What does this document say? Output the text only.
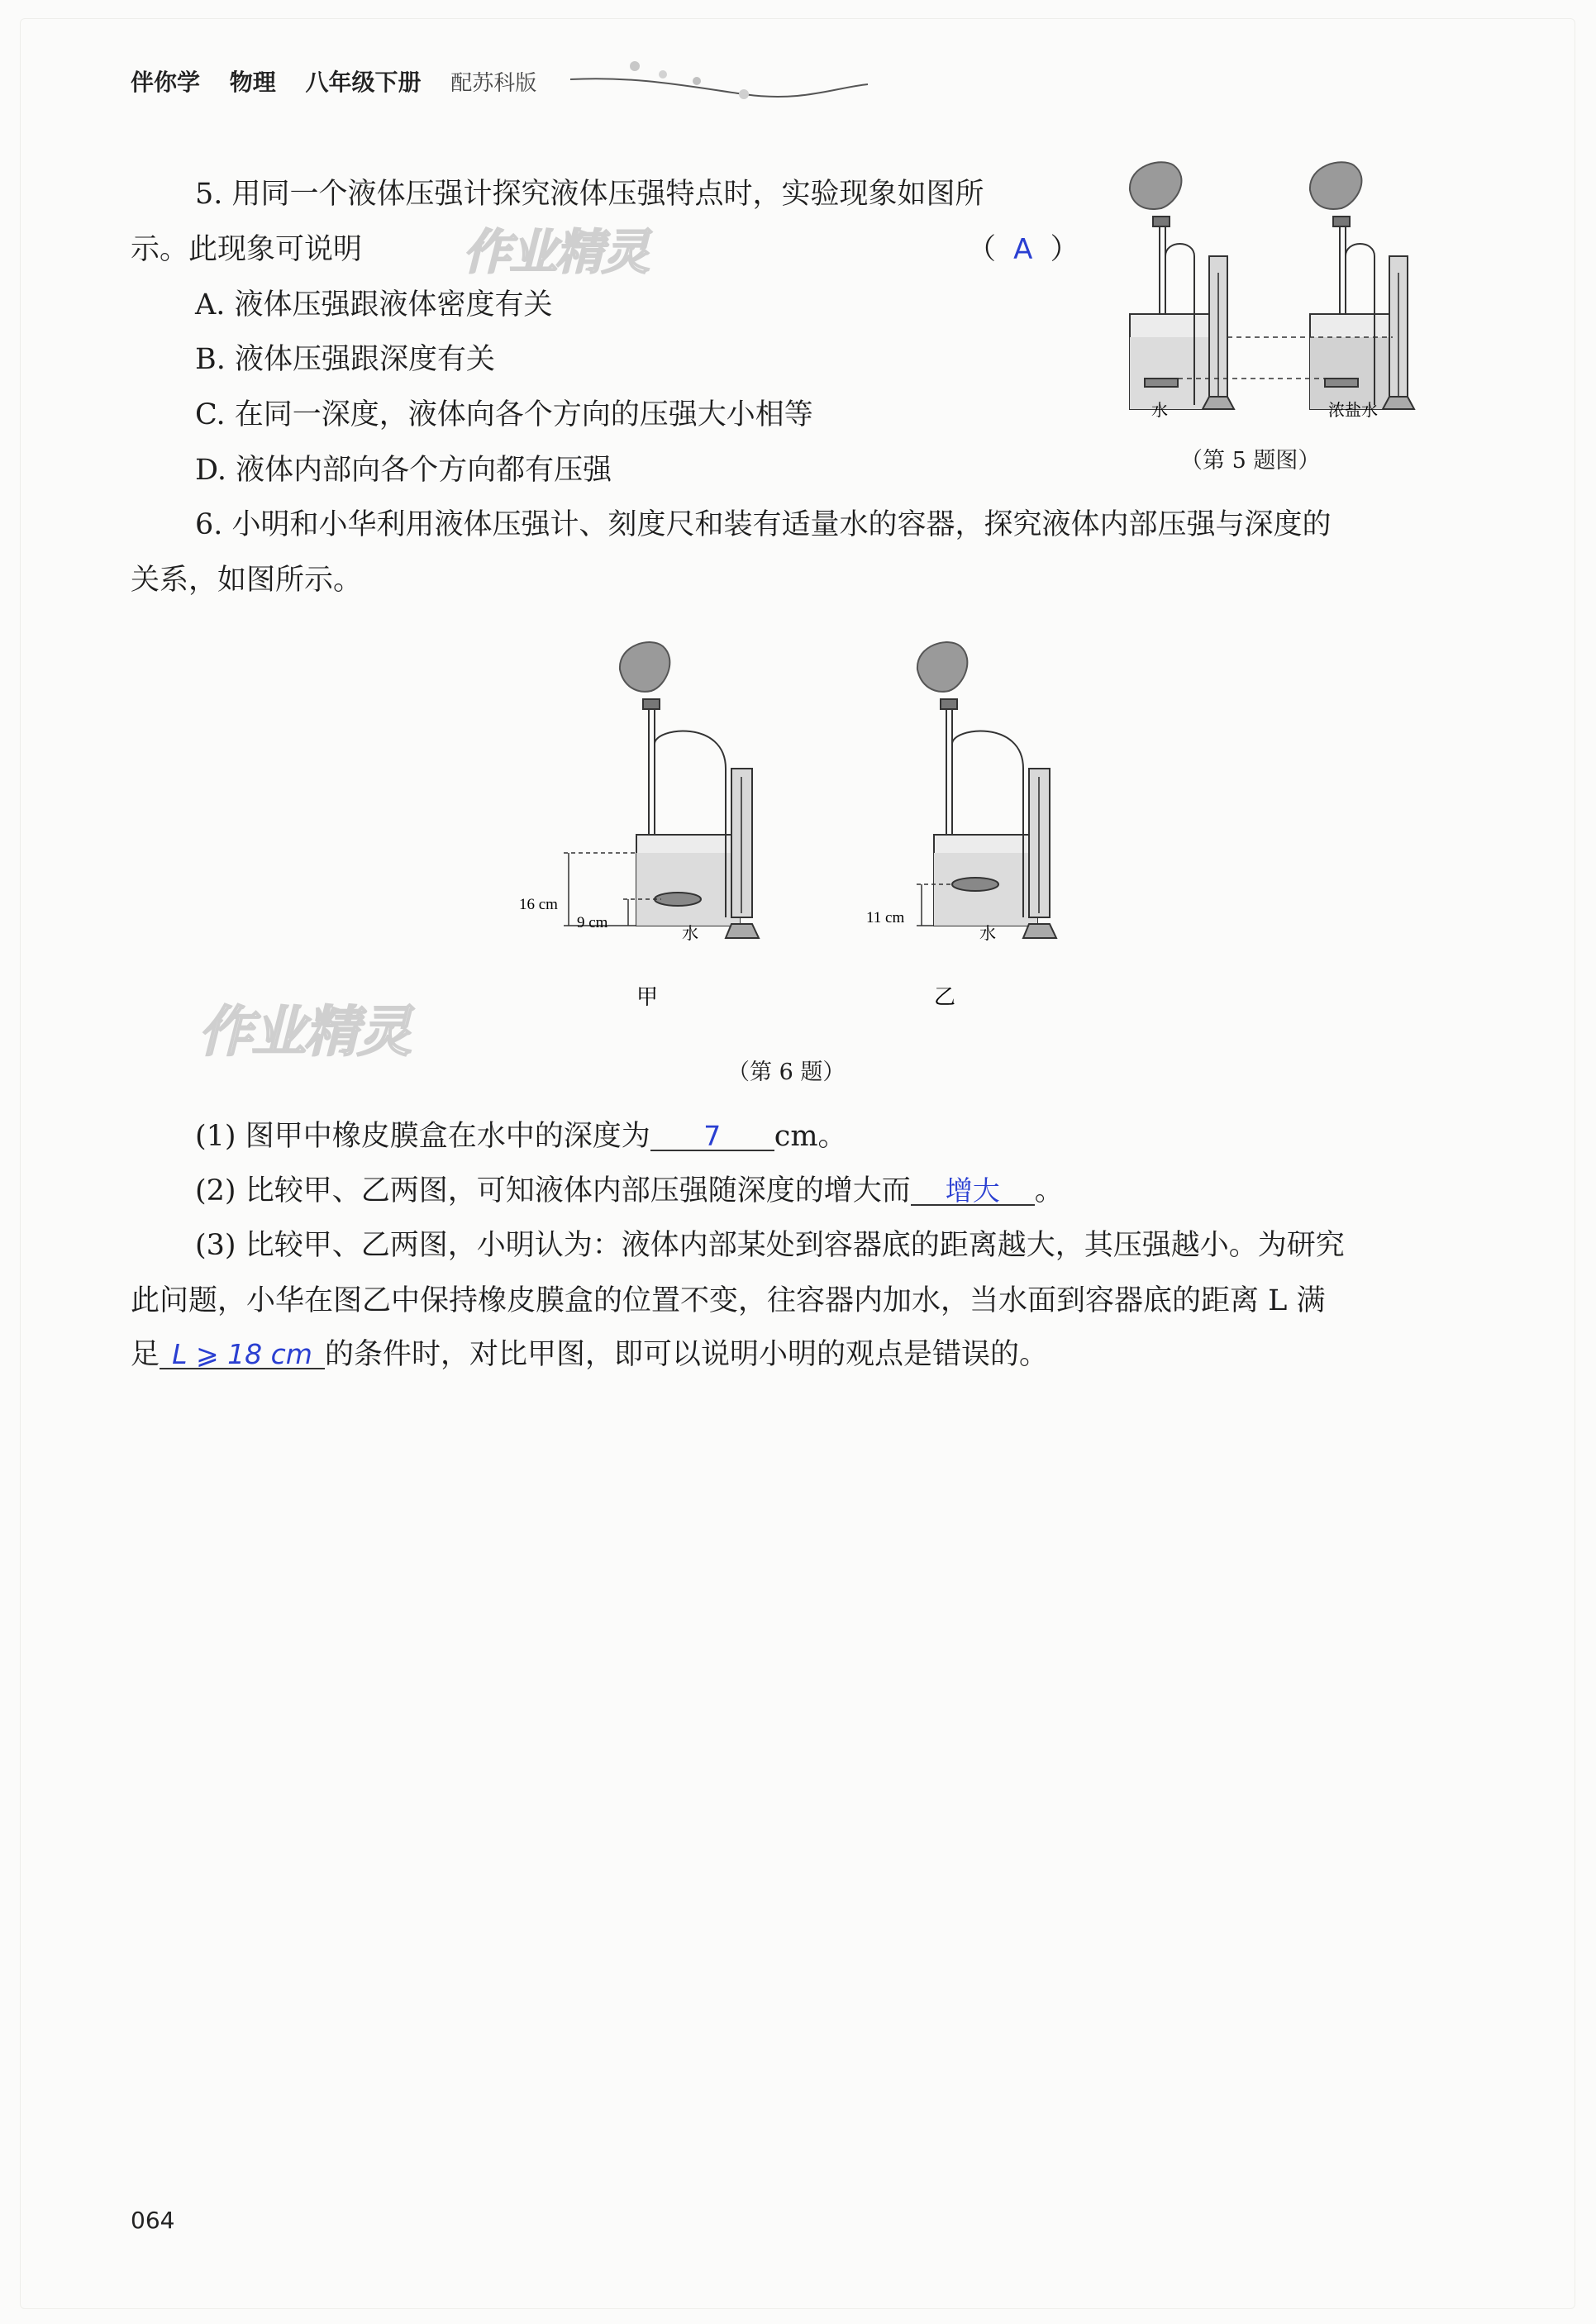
伴你学 物理 八年级下册 配苏科版
5. 用同一个液体压强计探究液体压强特点时，实验现象如图所
示。此现象可说明	（ A ）
A. 液体压强跟液体密度有关
B. 液体压强跟深度有关
C. 在同一深度，液体向各个方向的压强大小相等
D. 液体内部向各个方向都有压强
作业精灵
水	浓盐水
（第 5 题图）
6. 小明和小华利用液体压强计、刻度尺和装有适量水的容器，探究液体内部压强与深度的
关系，如图所示。
16 cm
9 cm
水
11 cm
水
甲	乙
作业精灵
（第 6 题）
(1) 图甲中橡皮膜盒在水中的深度为 7 cm。
(2) 比较甲、乙两图，可知液体内部压强随深度的增大而 增大 。
(3) 比较甲、乙两图，小明认为：液体内部某处到容器底的距离越大，其压强越小。为研究
此问题，小华在图乙中保持橡皮膜盒的位置不变，往容器内加水，当水面到容器底的距离 L 满
足 L ⩾ 18 cm 的条件时，对比甲图，即可以说明小明的观点是错误的。
064
